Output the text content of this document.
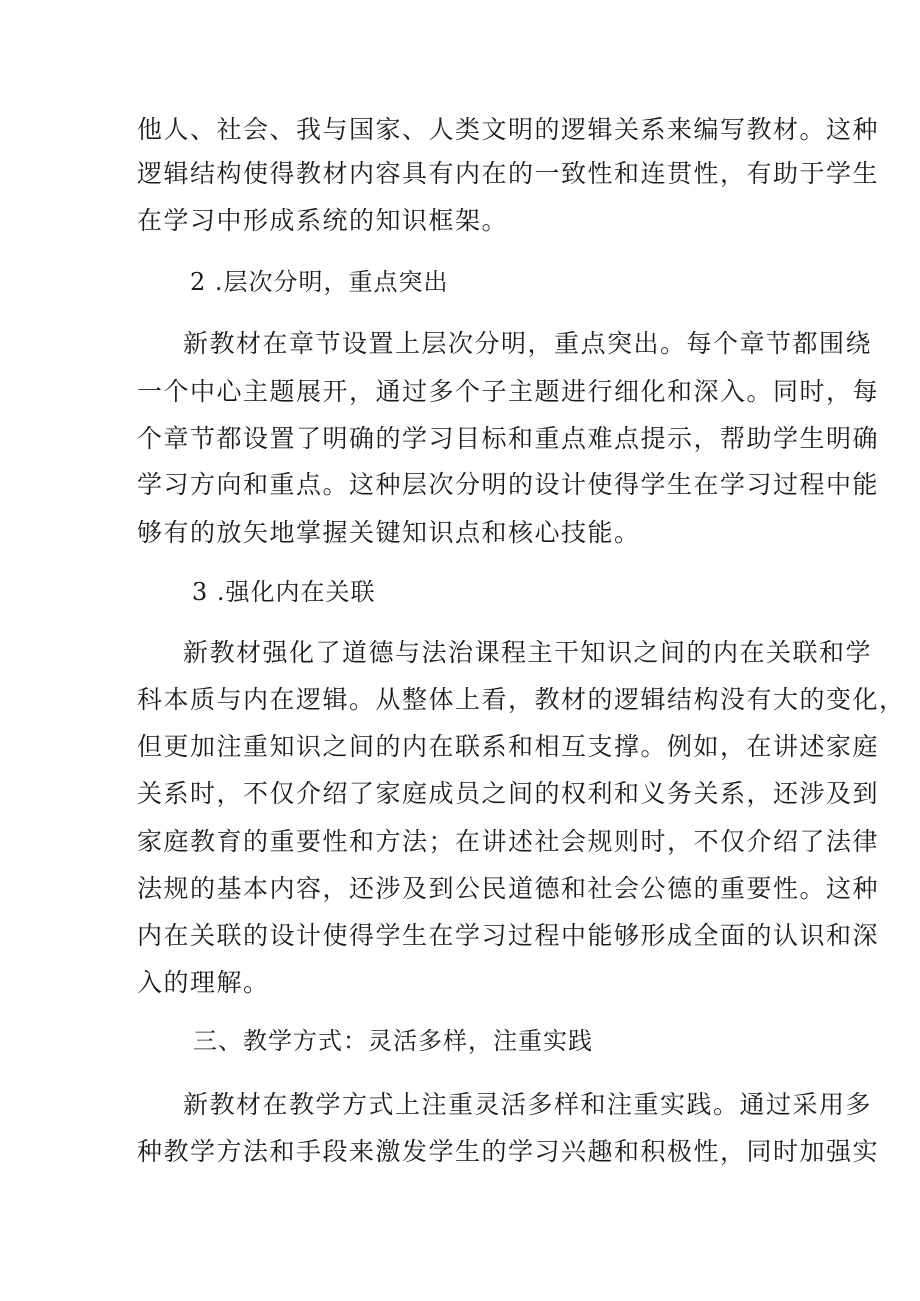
他人、社会、我与国家、人类文明的逻辑关系来编写教材。这种
逻辑结构使得教材内容具有内在的一致性和连贯性，有助于学生
在学习中形成系统的知识框架。
2 .层次分明，重点突出
新教材在章节设置上层次分明，重点突出。每个章节都围绕
一个中心主题展开，通过多个子主题进行细化和深入。同时，每
个章节都设置了明确的学习目标和重点难点提示，帮助学生明确
学习方向和重点。这种层次分明的设计使得学生在学习过程中能
够有的放矢地掌握关键知识点和核心技能。
3 .强化内在关联
新教材强化了道德与法治课程主干知识之间的内在关联和学
科本质与内在逻辑。从整体上看，教材的逻辑结构没有大的变化，
但更加注重知识之间的内在联系和相互支撑。例如，在讲述家庭
关系时，不仅介绍了家庭成员之间的权利和义务关系，还涉及到
家庭教育的重要性和方法；在讲述社会规则时，不仅介绍了法律
法规的基本内容，还涉及到公民道德和社会公德的重要性。这种
内在关联的设计使得学生在学习过程中能够形成全面的认识和深
入的理解。
三、教学方式：灵活多样，注重实践
新教材在教学方式上注重灵活多样和注重实践。通过采用多
种教学方法和手段来激发学生的学习兴趣和积极性，同时加强实
